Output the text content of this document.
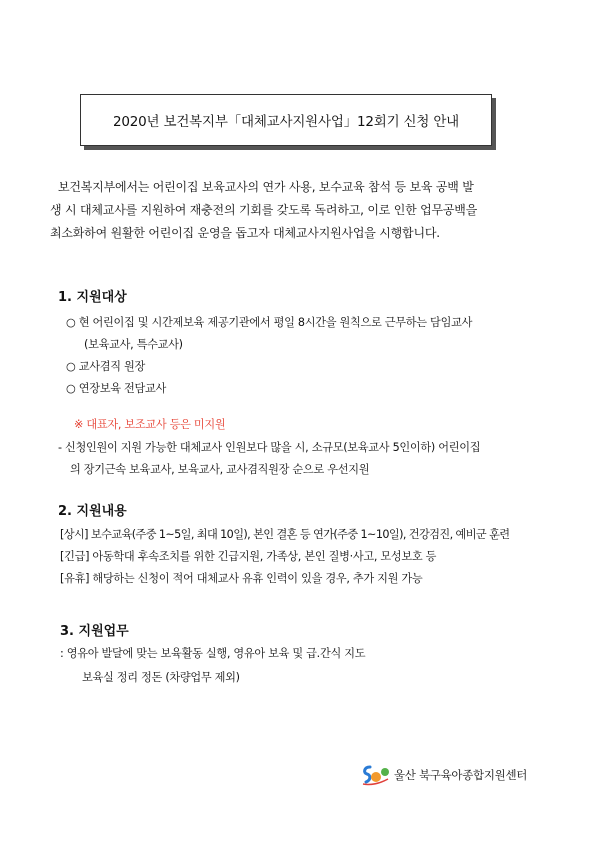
2020년 보건복지부「대체교사지원사업」12회기 신청 안내
보건복지부에서는 어린이집 보육교사의 연가 사용, 보수교육 참석 등 보육 공백 발
생 시 대체교사를 지원하여 재충전의 기회를 갖도록 독려하고, 이로 인한 업무공백을
최소화하여 원활한 어린이집 운영을 돕고자 대체교사지원사업을 시행합니다.
1. 지원대상
○ 현 어린이집 및 시간제보육 제공기관에서 평일 8시간을 원칙으로 근무하는 담임교사
(보육교사, 특수교사)
○ 교사겸직 원장
○ 연장보육 전담교사
※ 대표자, 보조교사 등은 미지원
- 신청인원이 지원 가능한 대체교사 인원보다 많을 시, 소규모(보육교사 5인이하) 어린이집
의 장기근속 보육교사, 보육교사, 교사겸직원장 순으로 우선지원
2. 지원내용
[상시] 보수교육(주중 1~5일, 최대 10일), 본인 결혼 등 연가(주중 1~10일), 건강검진, 예비군 훈련
[긴급] 아동학대 후속조치를 위한 긴급지원, 가족상, 본인 질병·사고, 모성보호 등
[유휴] 해당하는 신청이 적어 대체교사 유휴 인력이 있을 경우, 추가 지원 가능
3. 지원업무
: 영유아 발달에 맞는 보육활동 실행, 영유아 보육 및 급.간식 지도
보육실 정리 정돈 (차량업무 제외)
울산 북구육아종합지원센터
